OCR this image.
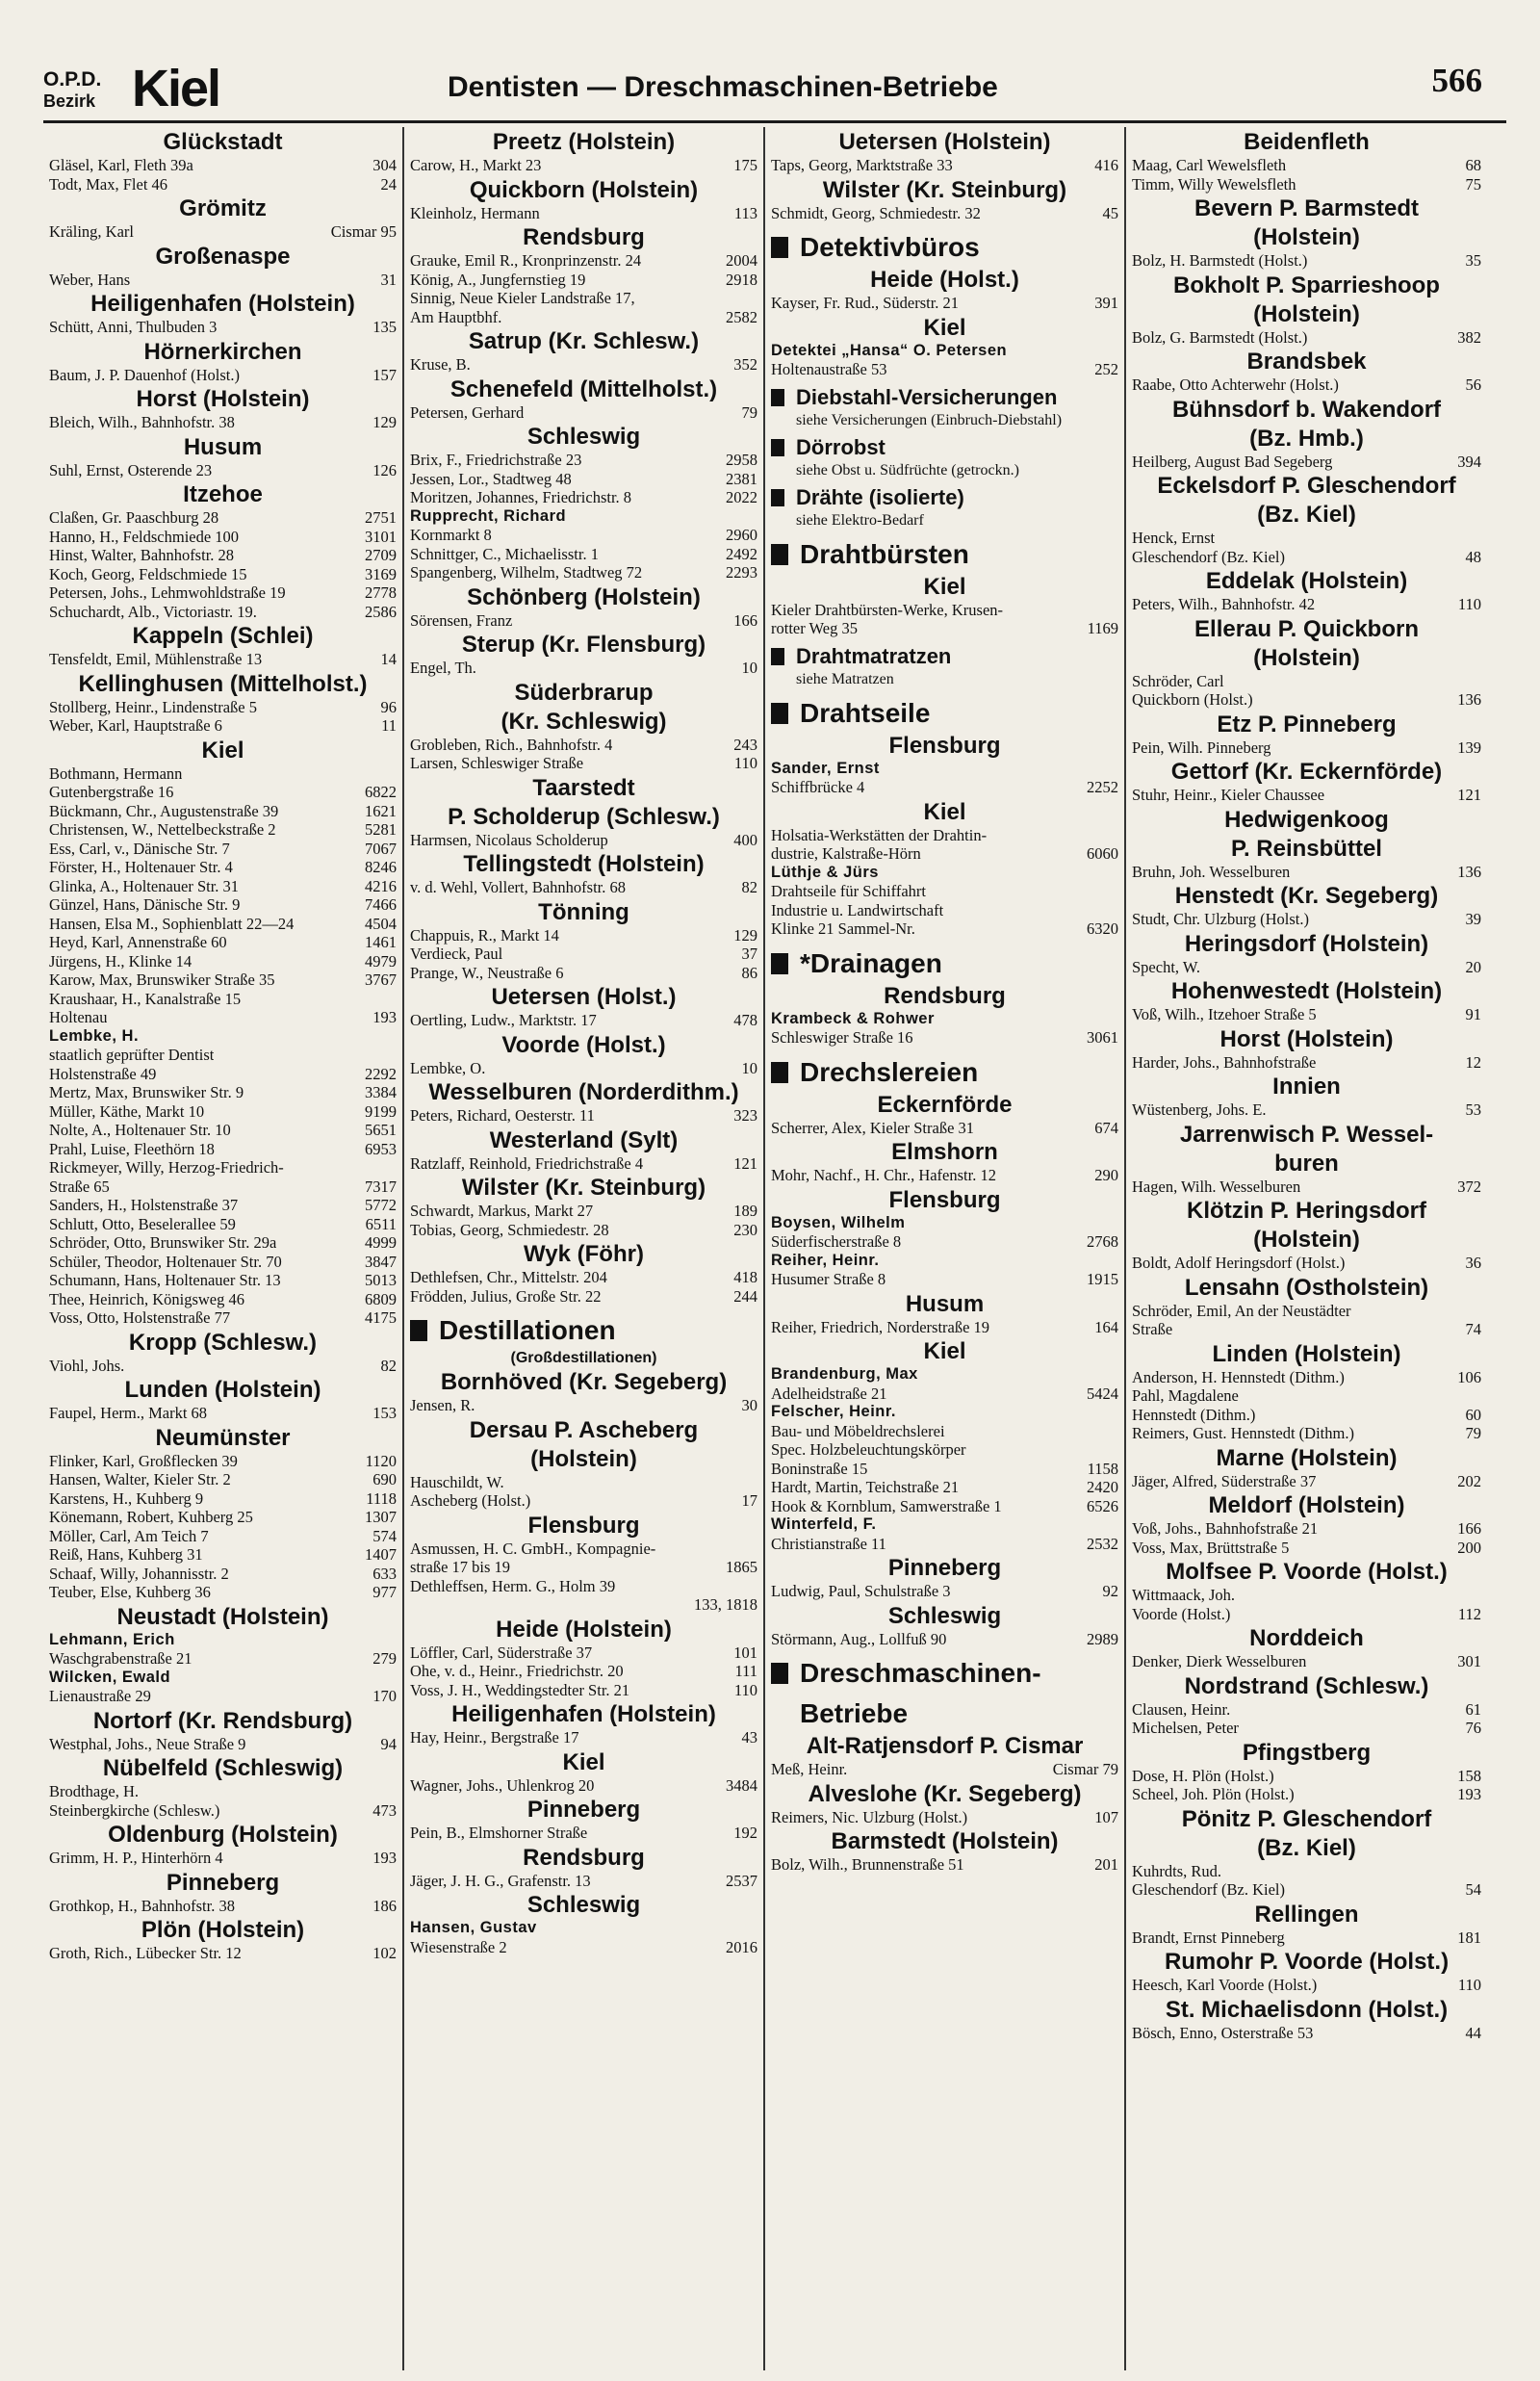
O.P.D.
Bezirk Kiel	Dentisten — Dreschmaschinen-Betriebe	566
Glückstadt
Gläsel, Karl, Fleth 39a	304
Todt, Max, Flet 46	24
Grömitz
Kräling, Karl	Cismar 95
Großenaspe
Weber, Hans	31
Heiligenhafen (Holstein)
Schütt, Anni, Thulbuden 3	135
Hörnerkirchen
Baum, J. P. Dauenhof (Holst.)	157
Horst (Holstein)
Bleich, Wilh., Bahnhofstr. 38	129
Husum
Suhl, Ernst, Osterende 23	126
Itzehoe
Claßen, Gr. Paaschburg 28	2751
Hanno, H., Feldschmiede 100	3101
Hinst, Walter, Bahnhofstr. 28	2709
Koch, Georg, Feldschmiede 15	3169
Petersen, Johs., Lehmwohldstraße 19	2778
Schuchardt, Alb., Victoriastr. 19.	2586
Kappeln (Schlei)
Tensfeldt, Emil, Mühlenstraße 13	14
Kellinghusen (Mittelholst.)
Stollberg, Heinr., Lindenstraße 5	96
Weber, Karl, Hauptstraße 6	11
Kiel
Bothmann, Hermann
Gutenbergstraße 16	6822
Bückmann, Chr., Augustenstraße 39	1621
Christensen, W., Nettelbeckstraße 2	5281
Ess, Carl, v., Dänische Str. 7	7067
Förster, H., Holtenauer Str. 4	8246
Glinka, A., Holtenauer Str. 31	4216
Günzel, Hans, Dänische Str. 9	7466
Hansen, Elsa M., Sophienblatt 22—24	4504
Heyd, Karl, Annenstraße 60	1461
Jürgens, H., Klinke 14	4979
Karow, Max, Brunswiker Straße 35	3767
Kraushaar, H., Kanalstraße 15
Holtenau	193
Lembke, H.
staatlich geprüfter Dentist
Holstenstraße 49	2292
Mertz, Max, Brunswiker Str. 9	3384
Müller, Käthe, Markt 10	9199
Nolte, A., Holtenauer Str. 10	5651
Prahl, Luise, Fleethörn 18	6953
Rickmeyer, Willy, Herzog-Friedrich-
Straße 65	7317
Sanders, H., Holstenstraße 37	5772
Schlutt, Otto, Beselerallee 59	6511
Schröder, Otto, Brunswiker Str. 29a	4999
Schüler, Theodor, Holtenauer Str. 70	3847
Schumann, Hans, Holtenauer Str. 13	5013
Thee, Heinrich, Königsweg 46	6809
Voss, Otto, Holstenstraße 77	4175
Kropp (Schlesw.)
Viohl, Johs.	82
Lunden (Holstein)
Faupel, Herm., Markt 68	153
Neumünster
Flinker, Karl, Großflecken 39	1120
Hansen, Walter, Kieler Str. 2	690
Karstens, H., Kuhberg 9	1118
Könemann, Robert, Kuhberg 25	1307
Möller, Carl, Am Teich 7	574
Reiß, Hans, Kuhberg 31	1407
Schaaf, Willy, Johannisstr. 2	633
Teuber, Else, Kuhberg 36	977
Neustadt (Holstein)
Lehmann, Erich
Waschgrabenstraße 21	279
Wilcken, Ewald
Lienaustraße 29	170
Nortorf (Kr. Rendsburg)
Westphal, Johs., Neue Straße 9	94
Nübelfeld (Schleswig)
Brodthage, H.
Steinbergkirche (Schlesw.)	473
Oldenburg (Holstein)
Grimm, H. P., Hinterhörn 4	193
Pinneberg
Grothkop, H., Bahnhofstr. 38	186
Plön (Holstein)
Groth, Rich., Lübecker Str. 12	102
Preetz (Holstein)
Carow, H., Markt 23	175
Quickborn (Holstein)
Kleinholz, Hermann	113
Rendsburg
Grauke, Emil R., Kronprinzenstr. 24	2004
König, A., Jungfernstieg 19	2918
Sinnig, Neue Kieler Landstraße 17,
Am Hauptbhf.	2582
Satrup (Kr. Schlesw.)
Kruse, B.	352
Schenefeld (Mittelholst.)
Petersen, Gerhard	79
Schleswig
Brix, F., Friedrichstraße 23	2958
Jessen, Lor., Stadtweg 48	2381
Moritzen, Johannes, Friedrichstr. 8	2022
Rupprecht, Richard
Kornmarkt 8	2960
Schnittger, C., Michaelisstr. 1	2492
Spangenberg, Wilhelm, Stadtweg 72	2293
Schönberg (Holstein)
Sörensen, Franz	166
Sterup (Kr. Flensburg)
Engel, Th.	10
Süderbrarup
(Kr. Schleswig)
Grobleben, Rich., Bahnhofstr. 4	243
Larsen, Schleswiger Straße	110
Taarstedt
P. Scholderup (Schlesw.)
Harmsen, Nicolaus Scholderup	400
Tellingstedt (Holstein)
v. d. Wehl, Vollert, Bahnhofstr. 68	82
Tönning
Chappuis, R., Markt 14	129
Verdieck, Paul	37
Prange, W., Neustraße 6	86
Uetersen (Holst.)
Oertling, Ludw., Marktstr. 17	478
Voorde (Holst.)
Lembke, O.	10
Wesselburen (Norderdithm.)
Peters, Richard, Oesterstr. 11	323
Westerland (Sylt)
Ratzlaff, Reinhold, Friedrichstraße 4	121
Wilster (Kr. Steinburg)
Schwardt, Markus, Markt 27	189
Tobias, Georg, Schmiedestr. 28	230
Wyk (Föhr)
Dethlefsen, Chr., Mittelstr. 204	418
Frödden, Julius, Große Str. 22	244
Destillationen
(Großdestillationen)
Bornhöved (Kr. Segeberg)
Jensen, R.	30
Dersau P. Ascheberg
(Holstein)
Hauschildt, W.
Ascheberg (Holst.)	17
Flensburg
Asmussen, H. C. GmbH., Kompagnie-
straße 17 bis 19	1865
Dethleffsen, Herm. G., Holm 39
133, 1818
Heide (Holstein)
Löffler, Carl, Süderstraße 37	101
Ohe, v. d., Heinr., Friedrichstr. 20	111
Voss, J. H., Weddingstedter Str. 21	110
Heiligenhafen (Holstein)
Hay, Heinr., Bergstraße 17	43
Kiel
Wagner, Johs., Uhlenkrog 20	3484
Pinneberg
Pein, B., Elmshorner Straße	192
Rendsburg
Jäger, J. H. G., Grafenstr. 13	2537
Schleswig
Hansen, Gustav
Wiesenstraße 2	2016
Uetersen (Holstein)
Taps, Georg, Marktstraße 33	416
Wilster (Kr. Steinburg)
Schmidt, Georg, Schmiedestr. 32	45
Detektivbüros
Heide (Holst.)
Kayser, Fr. Rud., Süderstr. 21	391
Kiel
Detektei „Hansa“ O. Petersen
Holtenaustraße 53	252
Diebstahl-Versicherungen
siehe Versicherungen (Einbruch-Diebstahl)
Dörrobst
siehe Obst u. Südfrüchte (getrockn.)
Drähte (isolierte)
siehe Elektro-Bedarf
Drahtbürsten
Kiel
Kieler Drahtbürsten-Werke, Krusen-
rotter Weg 35	1169
Drahtmatratzen
siehe Matratzen
Drahtseile
Flensburg
Sander, Ernst
Schiffbrücke 4	2252
Kiel
Holsatia-Werkstätten der Drahtin-
dustrie, Kalstraße-Hörn	6060
Lüthje & Jürs
Drahtseile für Schiffahrt
Industrie u. Landwirtschaft
Klinke 21 Sammel-Nr.	6320
*Drainagen
Rendsburg
Krambeck & Rohwer
Schleswiger Straße 16	3061
Drechslereien
Eckernförde
Scherrer, Alex, Kieler Straße 31	674
Elmshorn
Mohr, Nachf., H. Chr., Hafenstr. 12	290
Flensburg
Boysen, Wilhelm
Süderfischerstraße 8	2768
Reiher, Heinr.
Husumer Straße 8	1915
Husum
Reiher, Friedrich, Norderstraße 19	164
Kiel
Brandenburg, Max
Adelheidstraße 21	5424
Felscher, Heinr.
Bau- und Möbeldrechslerei
Spec. Holzbeleuchtungskörper
Boninstraße 15	1158
Hardt, Martin, Teichstraße 21	2420
Hook & Kornblum, Samwerstraße 1	6526
Winterfeld, F.
Christianstraße 11	2532
Pinneberg
Ludwig, Paul, Schulstraße 3	92
Schleswig
Störmann, Aug., Lollfuß 90	2989
Dreschmaschinen-
Betriebe
Alt-Ratjensdorf P. Cismar
Meß, Heinr.	Cismar 79
Alveslohe (Kr. Segeberg)
Reimers, Nic. Ulzburg (Holst.)	107
Barmstedt (Holstein)
Bolz, Wilh., Brunnenstraße 51	201
Beidenfleth
Maag, Carl Wewelsfleth	68
Timm, Willy Wewelsfleth	75
Bevern P. Barmstedt
(Holstein)
Bolz, H. Barmstedt (Holst.)	35
Bokholt P. Sparrieshoop
(Holstein)
Bolz, G. Barmstedt (Holst.)	382
Brandsbek
Raabe, Otto Achterwehr (Holst.)	56
Bühnsdorf b. Wakendorf
(Bz. Hmb.)
Heilberg, August Bad Segeberg	394
Eckelsdorf P. Gleschendorf
(Bz. Kiel)
Henck, Ernst
Gleschendorf (Bz. Kiel)	48
Eddelak (Holstein)
Peters, Wilh., Bahnhofstr. 42	110
Ellerau P. Quickborn
(Holstein)
Schröder, Carl
Quickborn (Holst.)	136
Etz P. Pinneberg
Pein, Wilh. Pinneberg	139
Gettorf (Kr. Eckernförde)
Stuhr, Heinr., Kieler Chaussee	121
Hedwigenkoog
P. Reinsbüttel
Bruhn, Joh. Wesselburen	136
Henstedt (Kr. Segeberg)
Studt, Chr. Ulzburg (Holst.)	39
Heringsdorf (Holstein)
Specht, W.	20
Hohenwestedt (Holstein)
Voß, Wilh., Itzehoer Straße 5	91
Horst (Holstein)
Harder, Johs., Bahnhofstraße	12
Innien
Wüstenberg, Johs. E.	53
Jarrenwisch P. Wessel-
buren
Hagen, Wilh. Wesselburen	372
Klötzin P. Heringsdorf
(Holstein)
Boldt, Adolf Heringsdorf (Holst.)	36
Lensahn (Ostholstein)
Schröder, Emil, An der Neustädter
Straße	74
Linden (Holstein)
Anderson, H. Hennstedt (Dithm.)	106
Pahl, Magdalene
Hennstedt (Dithm.)	60
Reimers, Gust. Hennstedt (Dithm.)	79
Marne (Holstein)
Jäger, Alfred, Süderstraße 37	202
Meldorf (Holstein)
Voß, Johs., Bahnhofstraße 21	166
Voss, Max, Brüttstraße 5	200
Molfsee P. Voorde (Holst.)
Wittmaack, Joh.
Voorde (Holst.)	112
Norddeich
Denker, Dierk Wesselburen	301
Nordstrand (Schlesw.)
Clausen, Heinr.	61
Michelsen, Peter	76
Pfingstberg
Dose, H. Plön (Holst.)	158
Scheel, Joh. Plön (Holst.)	193
Pönitz P. Gleschendorf
(Bz. Kiel)
Kuhrdts, Rud.
Gleschendorf (Bz. Kiel)	54
Rellingen
Brandt, Ernst Pinneberg	181
Rumohr P. Voorde (Holst.)
Heesch, Karl Voorde (Holst.)	110
St. Michaelisdonn (Holst.)
Bösch, Enno, Osterstraße 53	44
